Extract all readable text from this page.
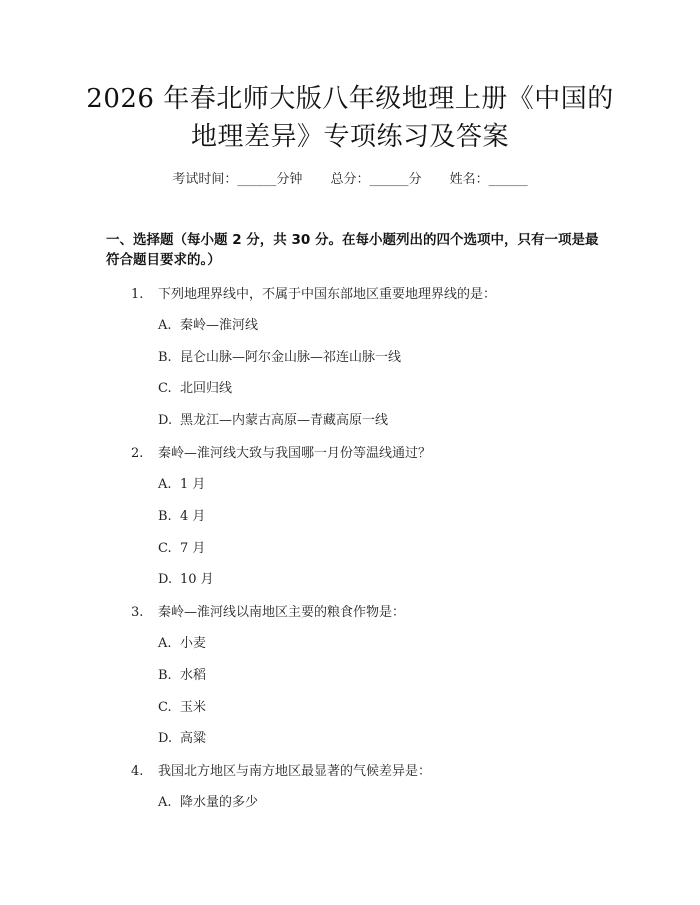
2026 年春北师大版八年级地理上册《中国的
地理差异》专项练习及答案
考试时间：______分钟 总分：______分 姓名：______
一、选择题（每小题 2 分，共 30 分。在每小题列出的四个选项中，只有一项是最符合题目要求的。）
1. 下列地理界线中，不属于中国东部地区重要地理界线的是：
A. 秦岭—淮河线
B. 昆仑山脉—阿尔金山脉—祁连山脉一线
C. 北回归线
D. 黑龙江—内蒙古高原—青藏高原一线
2. 秦岭—淮河线大致与我国哪一月份等温线通过？
A. 1 月
B. 4 月
C. 7 月
D. 10 月
3. 秦岭—淮河线以南地区主要的粮食作物是：
A. 小麦
B. 水稻
C. 玉米
D. 高粱
4. 我国北方地区与南方地区最显著的气候差异是：
A. 降水量的多少
